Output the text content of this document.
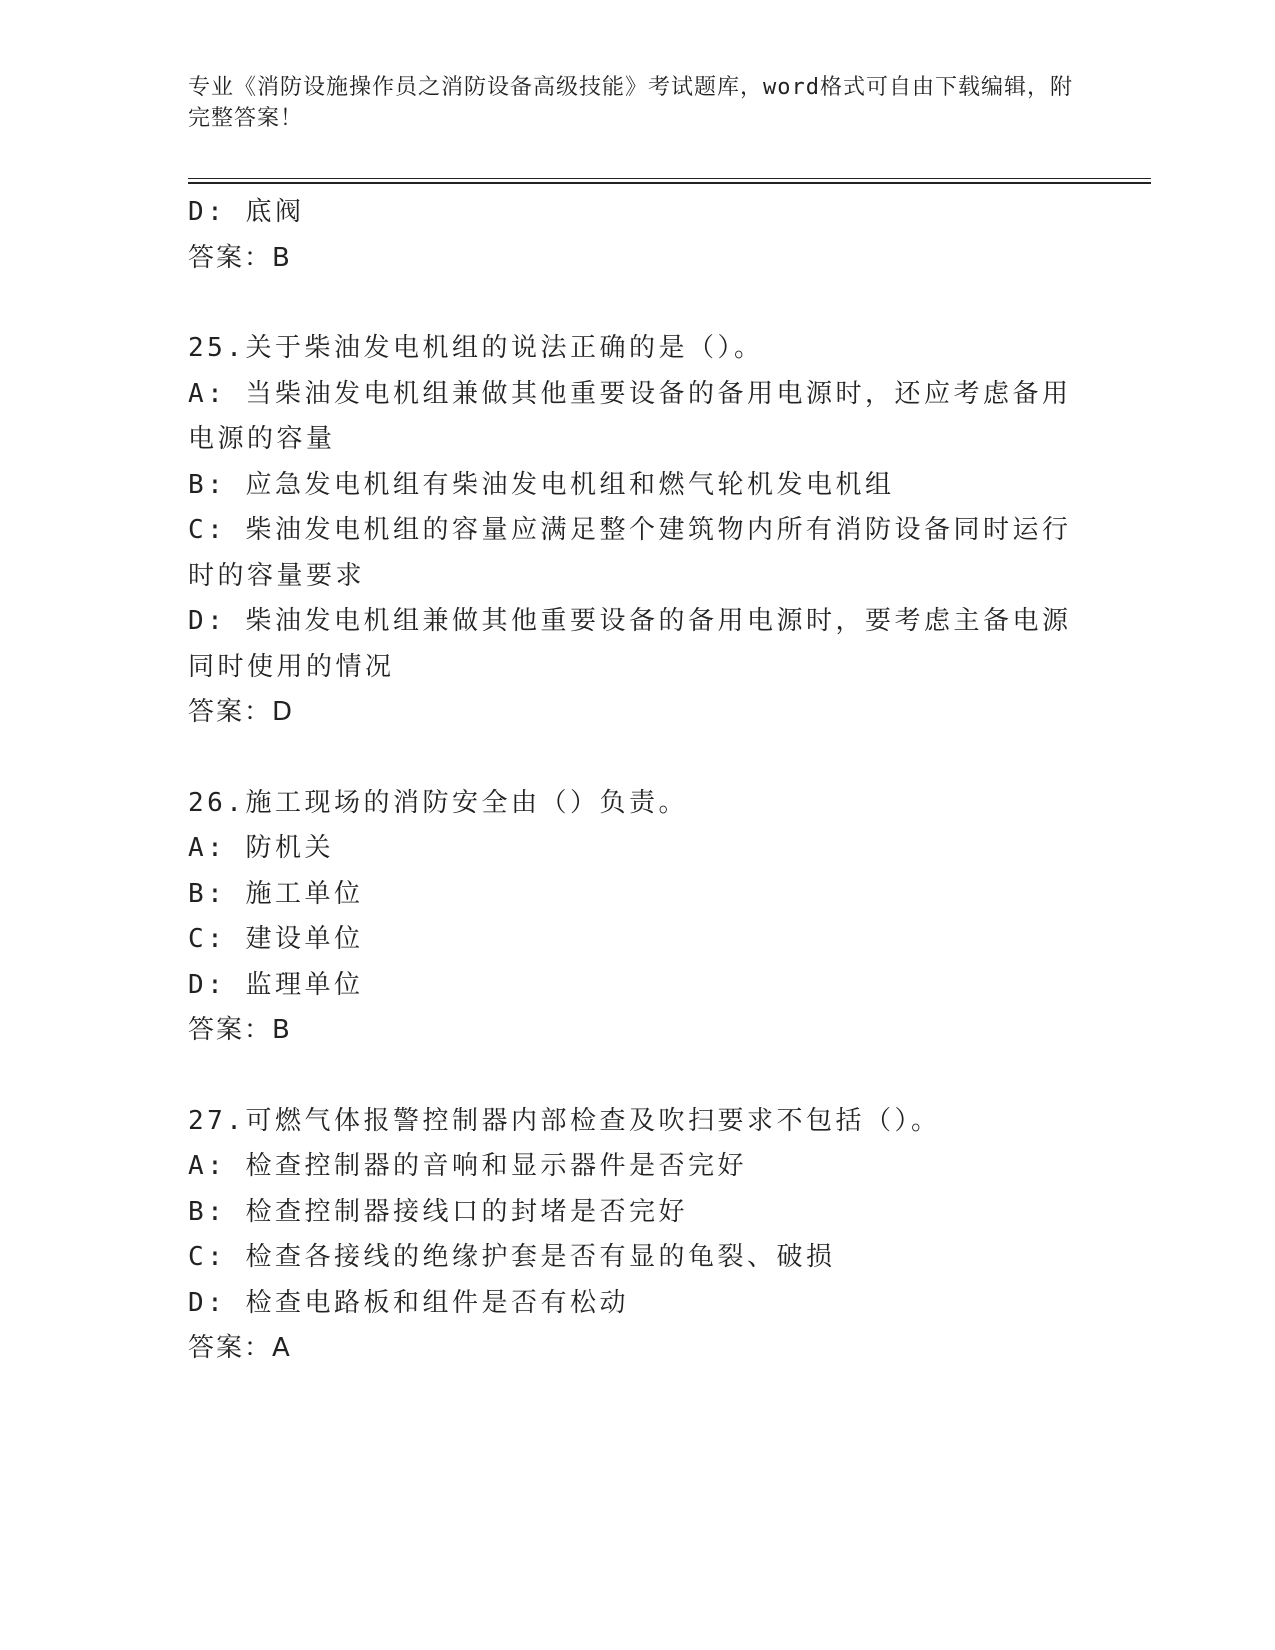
专业《消防设施操作员之消防设备高级技能》考试题库，word格式可自由下载编辑，附完整答案！
D: 底阀
答案：B
25.关于柴油发电机组的说法正确的是（）。
A: 当柴油发电机组兼做其他重要设备的备用电源时，还应考虑备用电源的容量
B: 应急发电机组有柴油发电机组和燃气轮机发电机组
C: 柴油发电机组的容量应满足整个建筑物内所有消防设备同时运行时的容量要求
D: 柴油发电机组兼做其他重要设备的备用电源时，要考虑主备电源同时使用的情况
答案：D
26.施工现场的消防安全由（）负责。
A: 防机关
B: 施工单位
C: 建设单位
D: 监理单位
答案：B
27.可燃气体报警控制器内部检查及吹扫要求不包括（）。
A: 检查控制器的音响和显示器件是否完好
B: 检查控制器接线口的封堵是否完好
C: 检查各接线的绝缘护套是否有显的龟裂、破损
D: 检查电路板和组件是否有松动
答案：A
